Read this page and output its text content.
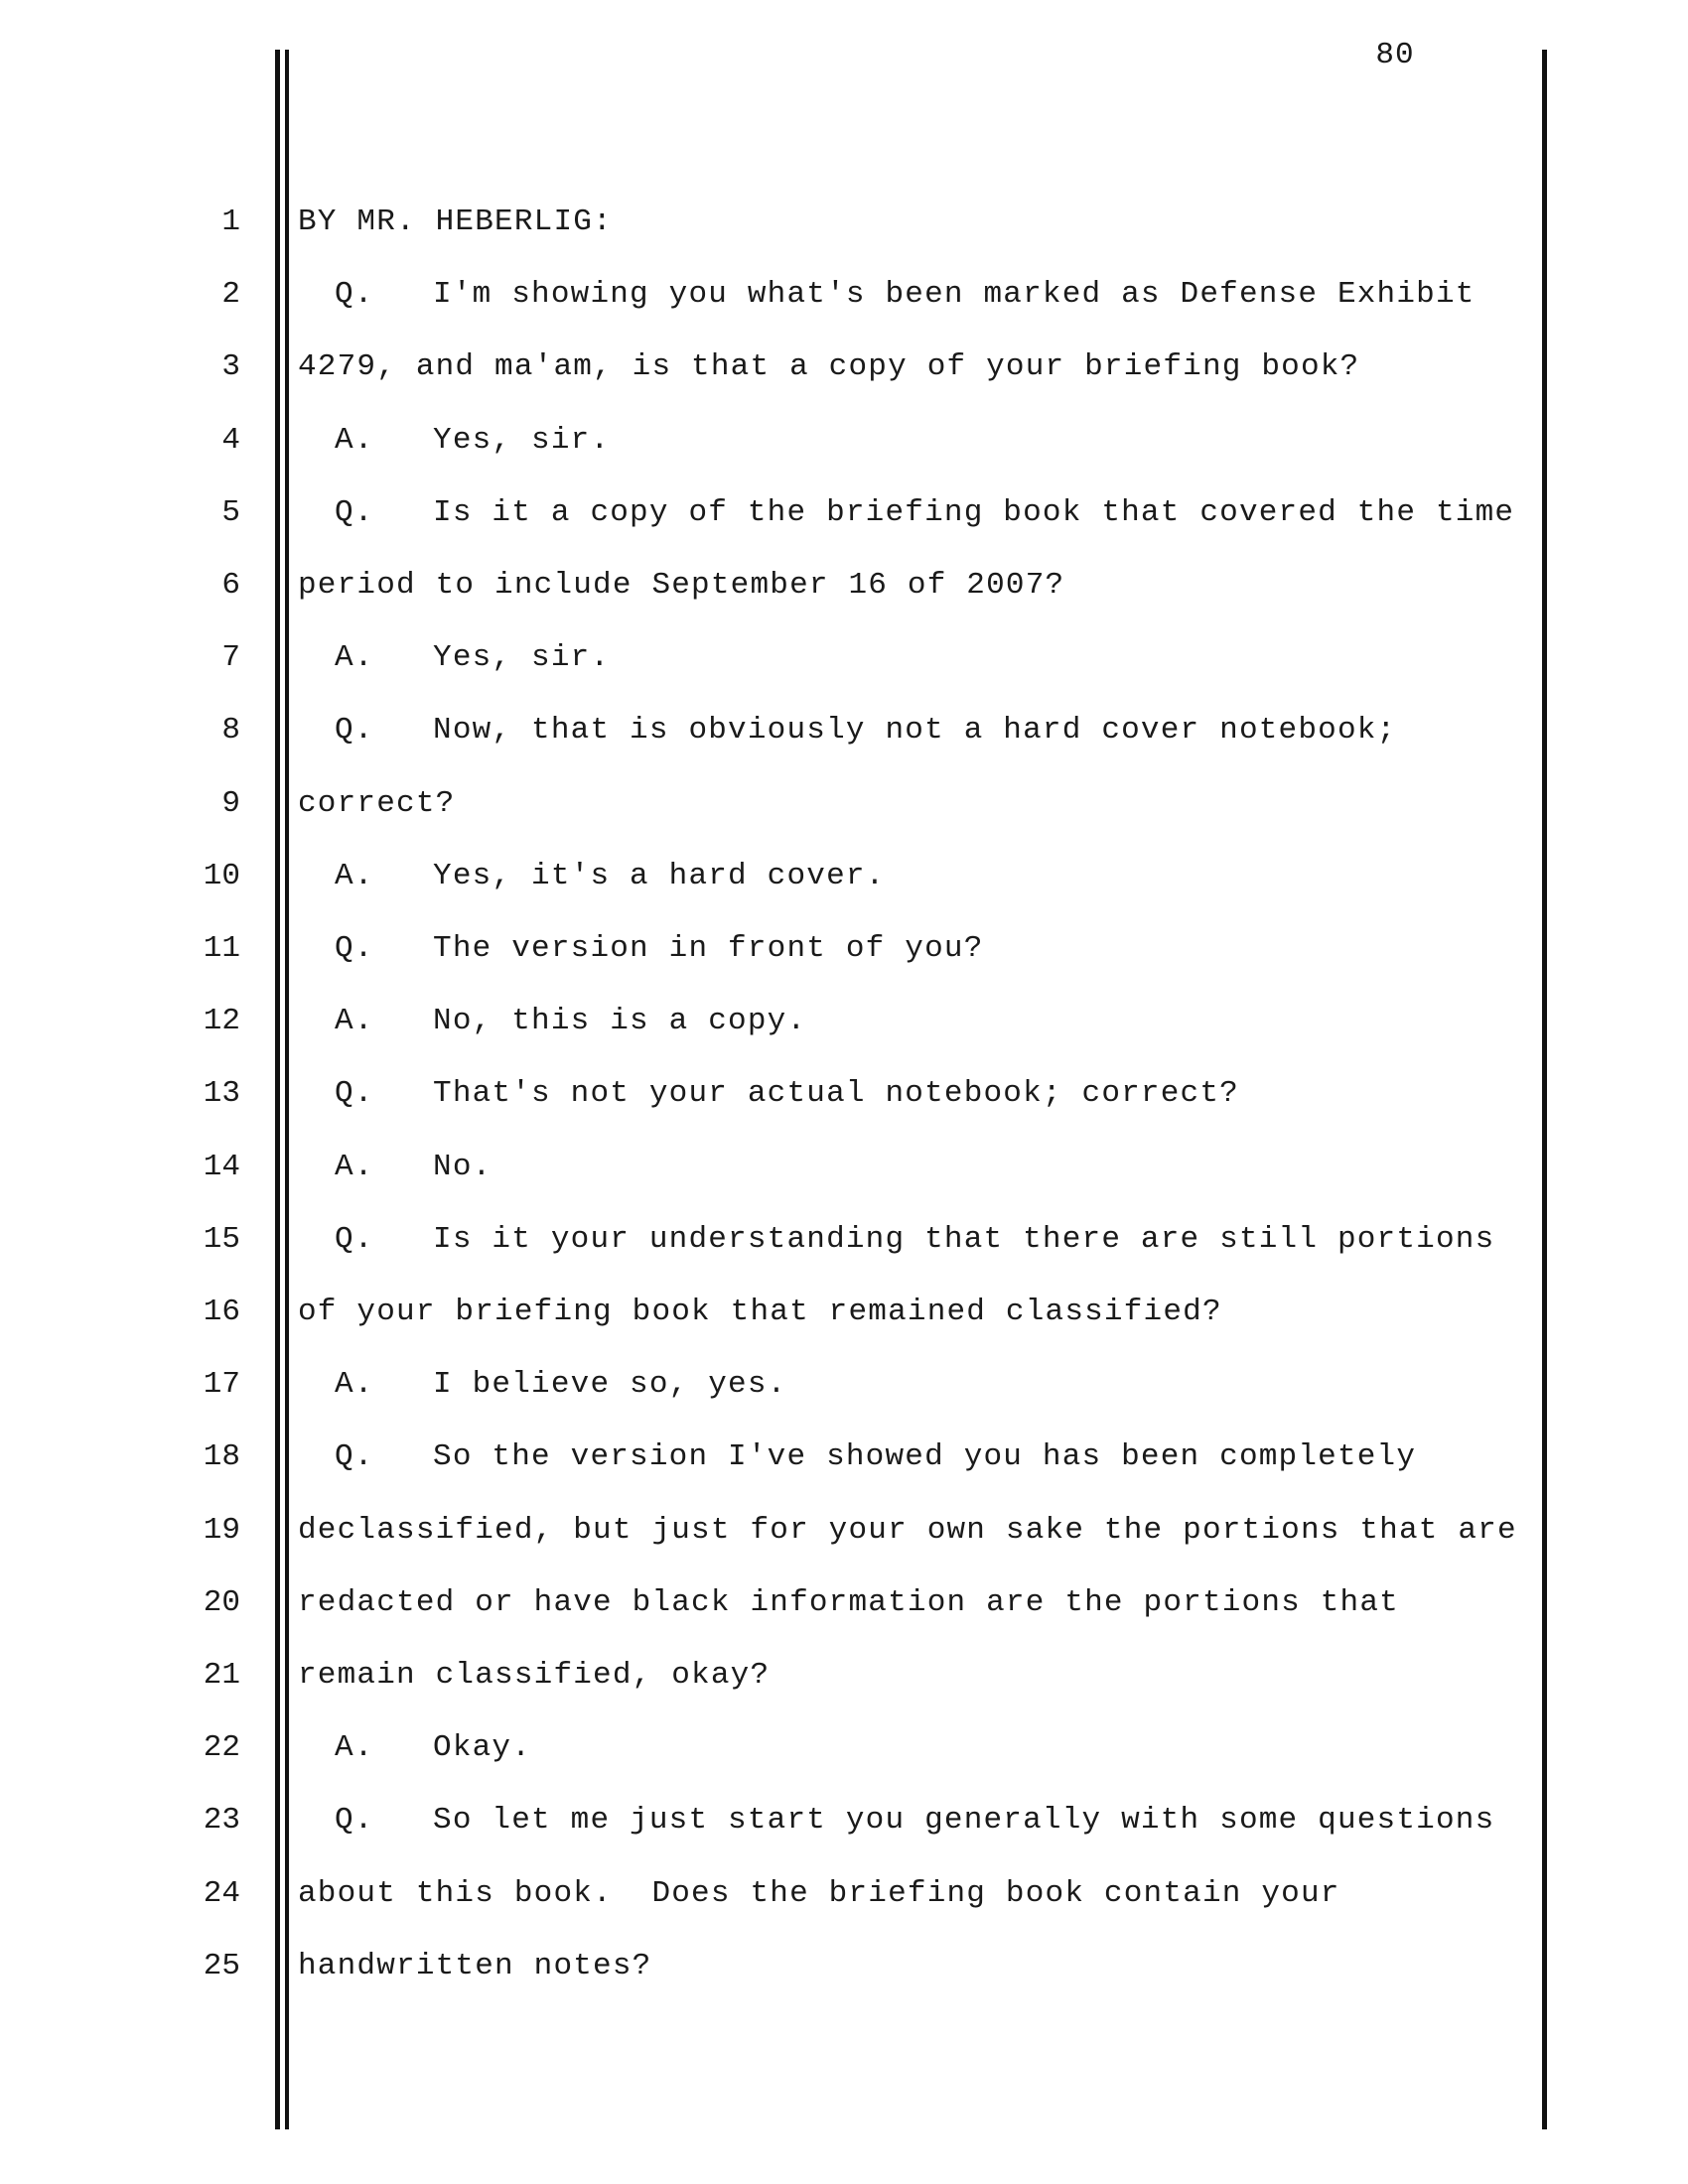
80
1 BY MR. HEBERLIG:
2	Q.   I'm showing you what's been marked as Defense Exhibit
3 4279, and ma'am, is that a copy of your briefing book?
4	A.   Yes, sir.
5	Q.   Is it a copy of the briefing book that covered the time
6 period to include September 16 of 2007?
7	A.   Yes, sir.
8	Q.   Now, that is obviously not a hard cover notebook;
9 correct?
10	A.   Yes, it's a hard cover.
11	Q.   The version in front of you?
12	A.   No, this is a copy.
13	Q.   That's not your actual notebook; correct?
14	A.   No.
15	Q.   Is it your understanding that there are still portions
16 of your briefing book that remained classified?
17	A.   I believe so, yes.
18	Q.   So the version I've showed you has been completely
19 declassified, but just for your own sake the portions that are
20 redacted or have black information are the portions that
21 remain classified, okay?
22	A.   Okay.
23	Q.   So let me just start you generally with some questions
24 about this book.  Does the briefing book contain your
25 handwritten notes?
